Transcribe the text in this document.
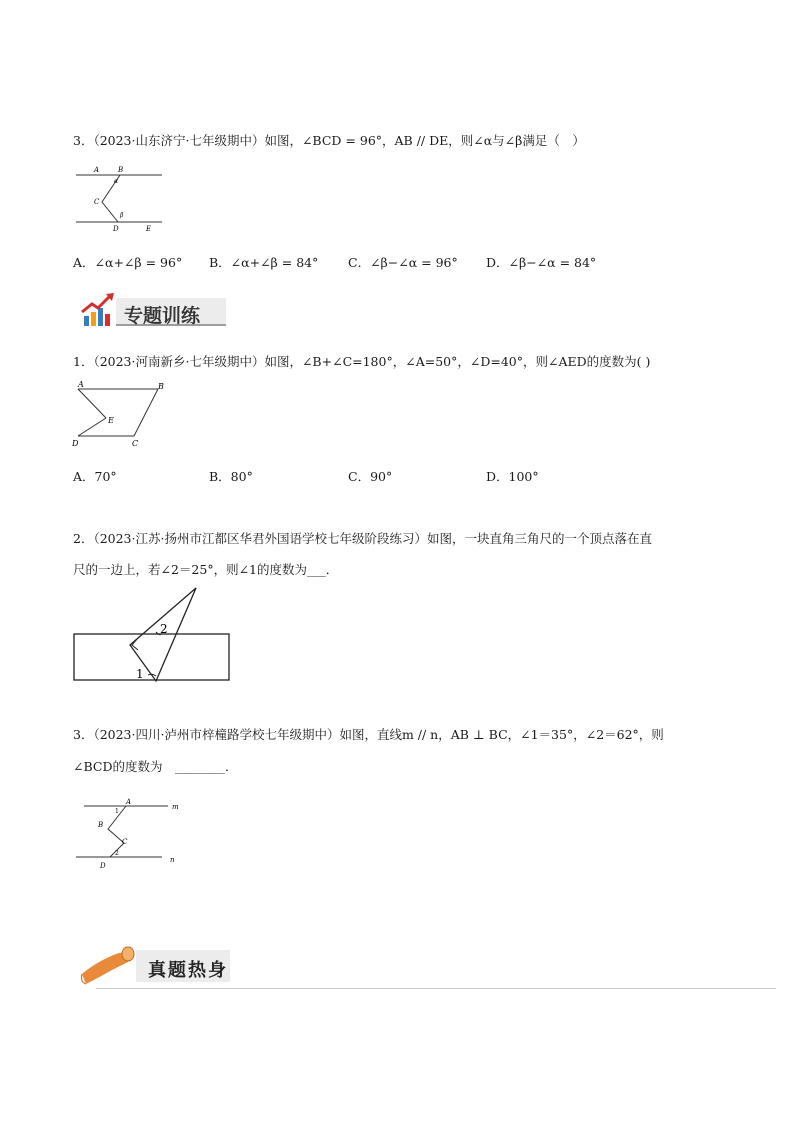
3．（2023·山东济宁·七年级期中）如图，∠BCD = 96°，AB // DE，则∠α与∠β满足（　）
A	B
α
C
β
D	E
A．∠α+∠β = 96° B．∠α+∠β = 84° C．∠β−∠α = 96° D．∠β−∠α = 84°
专题训练
1．（2023·河南新乡·七年级期中）如图，∠B+∠C=180°，∠A=50°，∠D=40°，则∠AED的度数为( )
A	B
E
D	C
A．70°	B．80°	C．90°	D．100°
2．（2023·江苏·扬州市江都区华君外国语学校七年级阶段练习）如图，一块直角三角尺的一个顶点落在直
尺的一边上，若∠2＝25°，则∠1的度数为___．
2
1
3．（2023·四川·泸州市梓橦路学校七年级期中）如图，直线m // n，AB ⊥ BC，∠1＝35°，∠2＝62°，则
∠BCD的度数为　________．
A
m
1
B
C
2
n
D
真题热身
